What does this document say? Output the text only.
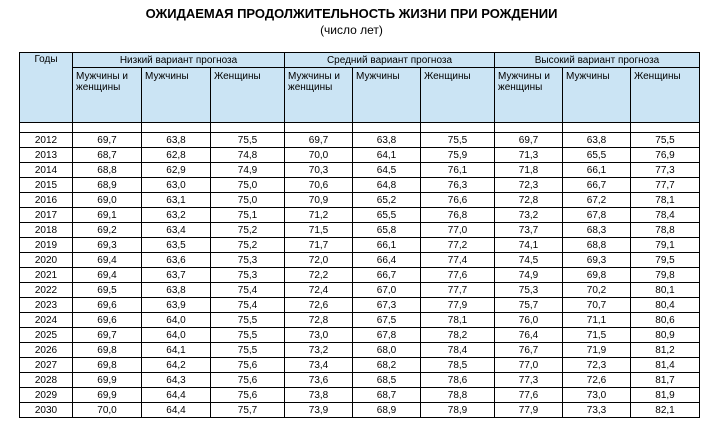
ОЖИДАЕМАЯ ПРОДОЛЖИТЕЛЬНОСТЬ ЖИЗНИ ПРИ РОЖДЕНИИ
(число лет)
Годы	Низкий вариант прогноза			Средний вариант прогноза			Высокий вариант прогноза		
	Мужчины и женщины	Мужчины	Женщины	Мужчины и женщины	Мужчины	Женщины	Мужчины и женщины	Мужчины	Женщины

2012	69,7	63,8	75,5	69,7	63,8	75,5	69,7	63,8	75,5
2013	68,7	62,8	74,8	70,0	64,1	75,9	71,3	65,5	76,9
2014	68,8	62,9	74,9	70,3	64,5	76,1	71,8	66,1	77,3
2015	68,9	63,0	75,0	70,6	64,8	76,3	72,3	66,7	77,7
2016	69,0	63,1	75,0	70,9	65,2	76,6	72,8	67,2	78,1
2017	69,1	63,2	75,1	71,2	65,5	76,8	73,2	67,8	78,4
2018	69,2	63,4	75,2	71,5	65,8	77,0	73,7	68,3	78,8
2019	69,3	63,5	75,2	71,7	66,1	77,2	74,1	68,8	79,1
2020	69,4	63,6	75,3	72,0	66,4	77,4	74,5	69,3	79,5
2021	69,4	63,7	75,3	72,2	66,7	77,6	74,9	69,8	79,8
2022	69,5	63,8	75,4	72,4	67,0	77,7	75,3	70,2	80,1
2023	69,6	63,9	75,4	72,6	67,3	77,9	75,7	70,7	80,4
2024	69,6	64,0	75,5	72,8	67,5	78,1	76,0	71,1	80,6
2025	69,7	64,0	75,5	73,0	67,8	78,2	76,4	71,5	80,9
2026	69,8	64,1	75,5	73,2	68,0	78,4	76,7	71,9	81,2
2027	69,8	64,2	75,6	73,4	68,2	78,5	77,0	72,3	81,4
2028	69,9	64,3	75,6	73,6	68,5	78,6	77,3	72,6	81,7
2029	69,9	64,4	75,6	73,8	68,7	78,8	77,6	73,0	81,9
2030	70,0	64,4	75,7	73,9	68,9	78,9	77,9	73,3	82,1
